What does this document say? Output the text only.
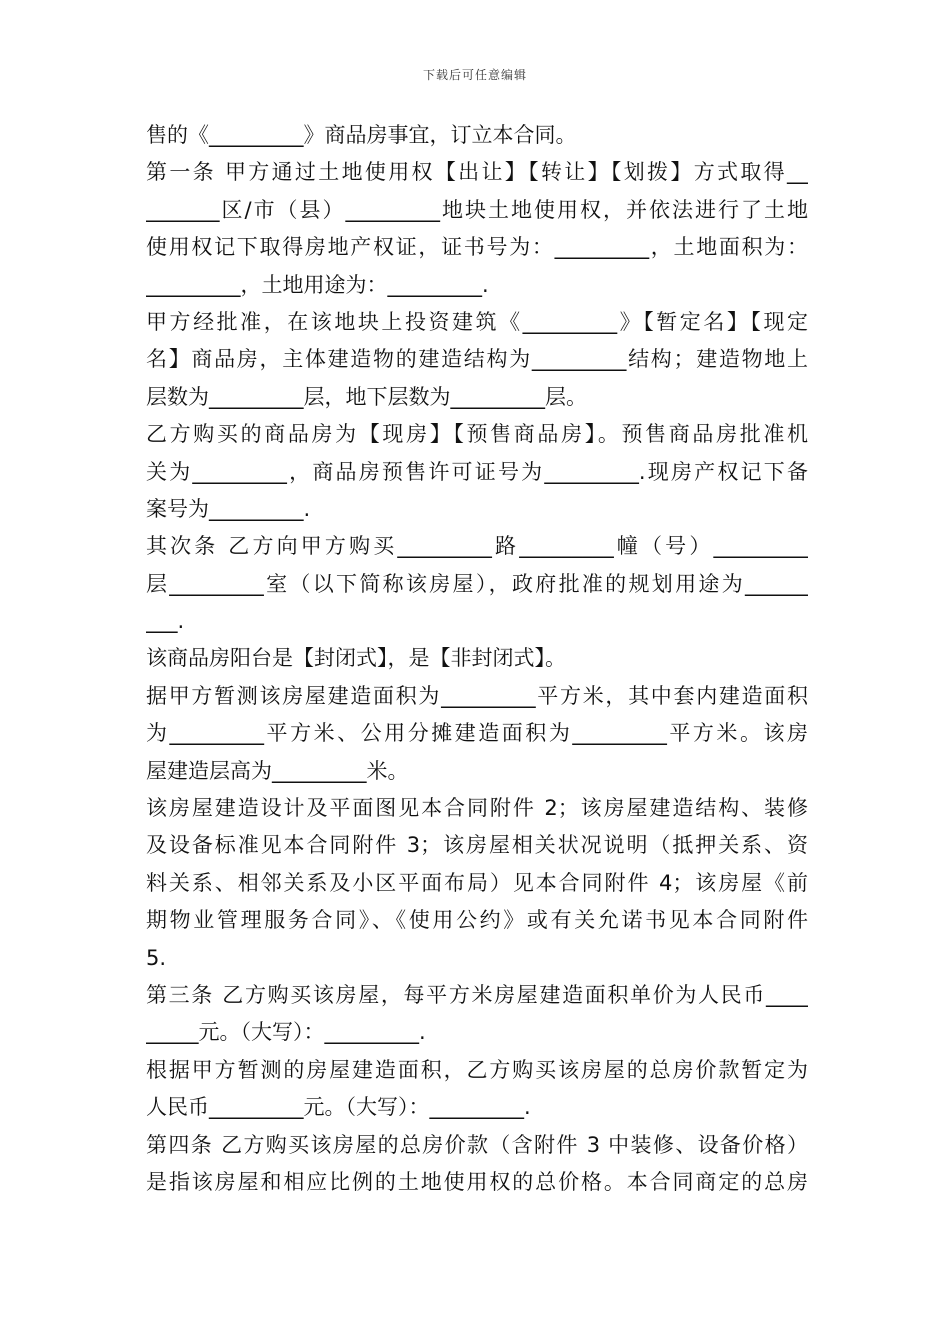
下载后可任意编辑
售的《_________》商品房事宜，订立本合同。
第一条 甲方通过土地使用权【出让】【转让】【划拨】方式取得__
_______区/市（县）_________地块土地使用权，并依法进行了土地
使用权记下取得房地产权证，证书号为：_________，土地面积为：
_________，土地用途为：_________.
甲方经批准，在该地块上投资建筑《_________》【暂定名】【现定
名】商品房，主体建造物的建造结构为_________结构；建造物地上
层数为_________层，地下层数为_________层。
乙方购买的商品房为【现房】【预售商品房】。预售商品房批准机
关为_________，商品房预售许可证号为_________.现房产权记下备
案号为_________.
其次条 乙方向甲方购买_________路_________幢（号）_________
层_________室（以下简称该房屋），政府批准的规划用途为______
___.
该商品房阳台是【封闭式】，是【非封闭式】。
据甲方暂测该房屋建造面积为_________平方米，其中套内建造面积
为_________平方米、公用分摊建造面积为_________平方米。该房
屋建造层高为_________米。
该房屋建造设计及平面图见本合同附件 2；该房屋建造结构、装修
及设备标准见本合同附件 3；该房屋相关状况说明（抵押关系、资
料关系、相邻关系及小区平面布局）见本合同附件 4；该房屋《前
期物业管理服务合同》、《使用公约》或有关允诺书见本合同附件
5.
第三条 乙方购买该房屋，每平方米房屋建造面积单价为人民币____
_____元。（大写）：_________.
根据甲方暂测的房屋建造面积，乙方购买该房屋的总房价款暂定为
人民币_________元。（大写）：_________.
第四条 乙方购买该房屋的总房价款（含附件 3 中装修、设备价格）
是指该房屋和相应比例的土地使用权的总价格。本合同商定的总房
